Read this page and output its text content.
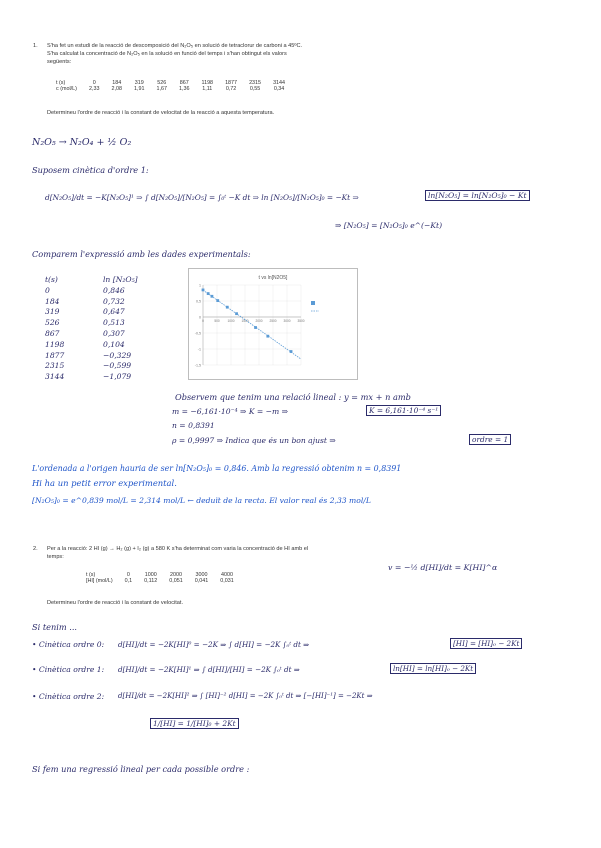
1. S'ha fet un estudi de la reacció de descomposició del N₂O₅ en solució de tetraclorur de carboni a 45ºC.
S'ha calculat la concentració de N₂O₅ en la solució en funció del temps i s'han obtingut els valors
següents:
t (s)	0	184	319	526	867	1198	1877	2315	3144
c (mol/L)	2,33	2,08	1,91	1,67	1,36	1,11	0,72	0,55	0,34
Determineu l'ordre de reacció i la constant de velocitat de la reacció a aquesta temperatura.
N₂O₅ → N₂O₄ + ½ O₂
Suposem cinètica d'ordre 1:
d[N₂O₅]/dt = −K[N₂O₅]¹ ⇒ ∫ d[N₂O₅]/[N₂O₅] = ∫₀ᵗ −K dt ⇒ ln [N₂O₅]/[N₂O₅]₀ = −Kt ⇒	ln[N₂O₅] = ln[N₂O₅]₀ − Kt
⇒ [N₂O₅] = [N₂O₅]₀ e^(−Kt)
Comparem l'expressió amb les dades experimentals:
t(s)	ln [N₂O₅]
0	0,846
184	0,732
319	0,647
526	0,513
867	0,307
1198	0,104
1877	−0,329
2315	−0,599
3144	−1,079
-1,5
-1
-0,5
0
0,5
1
0	500 1000 1500 2000 2500 3000 3500
t vs ln[N2O5]
Observem que tenim una relació lineal : y = mx + n amb
m = −6,161·10⁻⁴ ⇒ K = −m ⇒	K = 6,161·10⁻⁴ s⁻¹
n = 0,8391
ρ = 0,9997 ⇒ Indica que és un bon ajust ⇒	ordre = 1
L'ordenada a l'origen hauria de ser ln[N₂O₅]₀ = 0,846. Amb la regressió obtenim n = 0,8391
Hi ha un petit error experimental.
[N₂O₅]₀ = e^0,839 mol/L = 2,314 mol/L ← deduït de la recta. El valor real és 2,33 mol/L
2. Per a la reacció: 2 HI (g) → H₂ (g) + I₂ (g) a 580 K s'ha determinat com varia la concentració de HI amb el
temps:
t (s)	0	1000	2000	3000	4000
[HI] (mol/L)	0,1	0,112	0,051	0,041	0,031
v = −½ d[HI]/dt = K[HI]^α
Determineu l'ordre de reacció i la constant de velocitat.
Si tenim ...
• Cinètica ordre 0: d[HI]/dt = −2K[HI]⁰ = −2K ⇒ ∫ d[HI] = −2K ∫₀ᵗ dt ⇒	[HI] = [HI]₀ − 2Kt
• Cinètica ordre 1: d[HI]/dt = −2K[HI]¹ ⇒ ∫ d[HI]/[HI] = −2K ∫₀ᵗ dt ⇒	ln[HI] = ln[HI]₀ − 2Kt
• Cinètica ordre 2: d[HI]/dt = −2K[HI]² ⇒ ∫ [HI]⁻² d[HI] = −2K ∫₀ᵗ dt ⇒ [−[HI]⁻¹] = −2Kt ⇒
1/[HI] = 1/[HI]₀ + 2Kt
Si fem una regressió lineal per cada possible ordre :
